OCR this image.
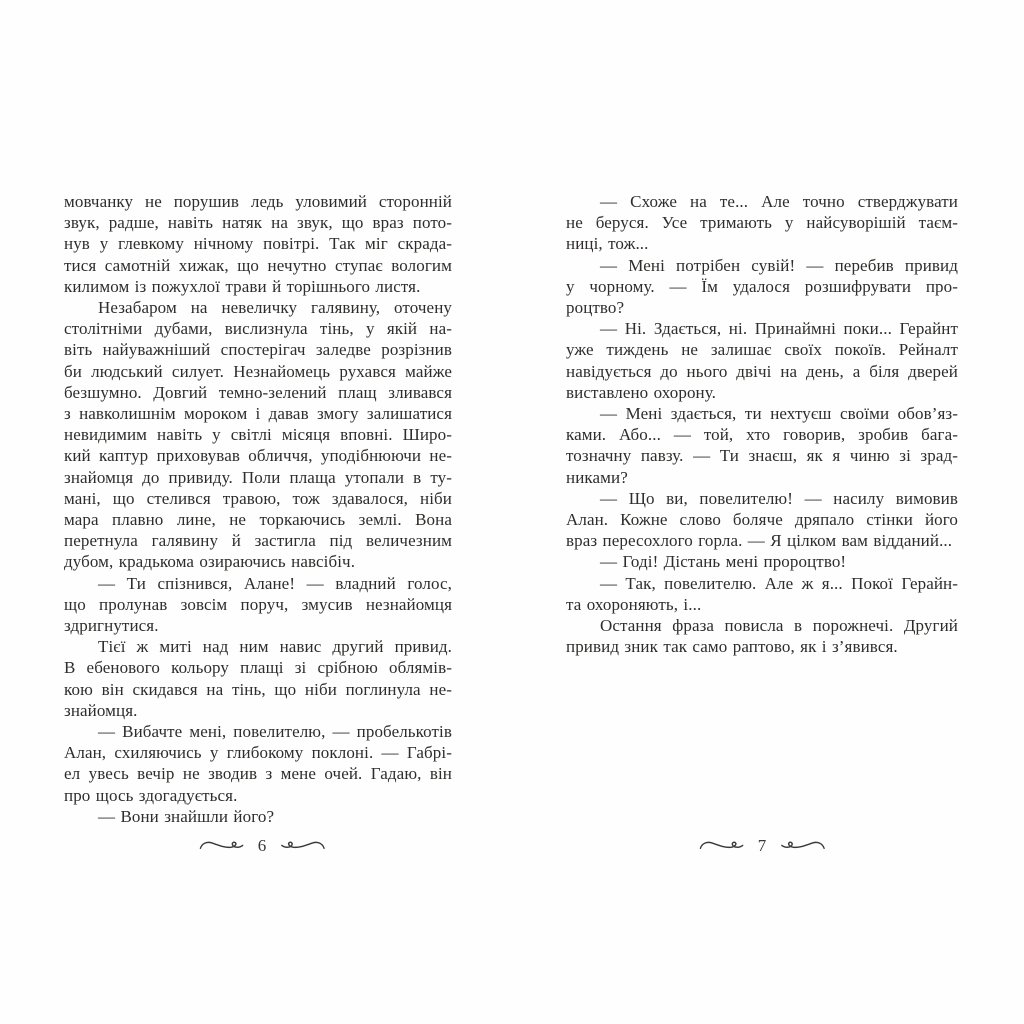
мовчанку не порушив ледь уловимий сторонній
звук, радше, навіть натяк на звук, що враз пото-
нув у глевкому нічному повітрі. Так міг скрада-
тися самотній хижак, що нечутно ступає вологим
килимом із пожухлої трави й торішнього листя.
Незабаром на невеличку галявину, оточену
столітніми дубами, вислизнула тінь, у якій на-
віть найуважніший спостерігач заледве розрізнив
би людський силует. Незнайомець рухався майже
безшумно. Довгий темно-зелений плащ зливався
з навколишнім мороком і давав змогу залишатися
невидимим навіть у світлі місяця вповні. Широ-
кий каптур приховував обличчя, уподібнюючи не-
знайомця до привиду. Поли плаща утопали в ту-
мані, що стелився травою, тож здавалося, ніби
мара плавно лине, не торкаючись землі. Вона
перетнула галявину й застигла під величезним
дубом, крадькома озираючись навсібіч.
— Ти спізнився, Алане! — владний голос,
що пролунав зовсім поруч, змусив незнайомця
здригнутися.
Тієї ж миті над ним навис другий привид.
В ебенового кольору плащі зі срібною облямів-
кою він скидався на тінь, що ніби поглинула не-
знайомця.
— Вибачте мені, повелителю, — пробелькотів
Алан, схиляючись у глибокому поклоні. — Габрі-
ел увесь вечір не зводив з мене очей. Гадаю, він
про щось здогадується.
— Вони знайшли його?
— Схоже на те... Але точно стверджувати
не беруся. Усе тримають у найсуворішій таєм-
ниці, тож...
— Мені потрібен сувій! — перебив привид
у чорному. — Їм удалося розшифрувати про-
роцтво?
— Ні. Здається, ні. Принаймні поки... Герайнт
уже тиждень не залишає своїх покоїв. Рейналт
навідується до нього двічі на день, а біля дверей
виставлено охорону.
— Мені здається, ти нехтуєш своїми обов’яз-
ками. Або... — той, хто говорив, зробив бага-
тозначну павзу. — Ти знаєш, як я чиню зі зрад-
никами?
— Що ви, повелителю! — насилу вимовив
Алан. Кожне слово боляче дряпало стінки його
враз пересохлого горла. — Я цілком вам відданий...
— Годі! Дістань мені пророцтво!
— Так, повелителю. Але ж я... Покої Герайн-
та охороняють, і...
Остання фраза повисла в порожнечі. Другий
привид зник так само раптово, як і з’явився.
6	7
